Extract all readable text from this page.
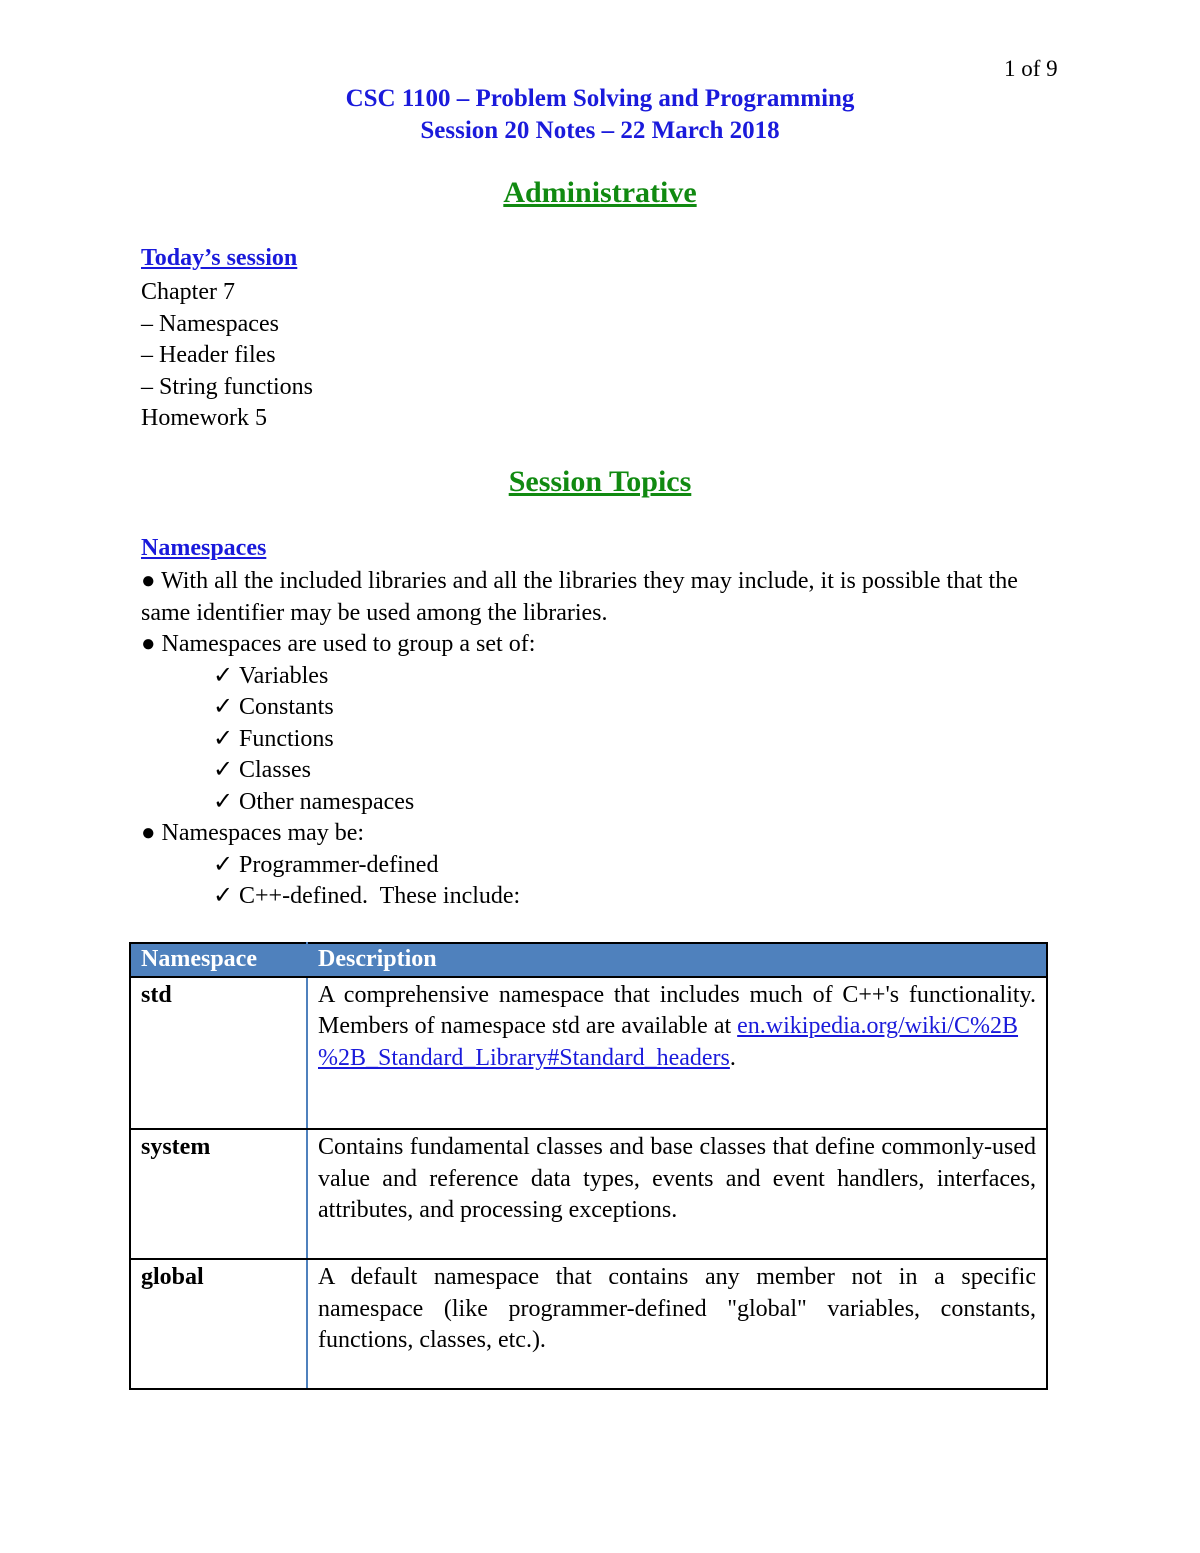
1 of 9
CSC 1100 – Problem Solving and Programming
Session 20 Notes – 22 March 2018
Administrative
Today’s session
Chapter 7
– Namespaces
– Header files
– String functions
Homework 5
Session Topics
Namespaces
● With all the included libraries and all the libraries they may include, it is possible that the same identifier may be used among the libraries.
● Namespaces are used to group a set of:
✓ Variables
✓ Constants
✓ Functions
✓ Classes
✓ Other namespaces
● Namespaces may be:
✓ Programmer-defined
✓ C++-defined.  These include:
Namespace	Description
std	A comprehensive namespace that includes much of C++'s functionality.  Members of namespace std are available at en.wikipedia.org/wiki/C%2B
%2B_Standard_Library#Standard_headers.
system	Contains fundamental classes and base classes that define commonly-used value and reference data types, events and event handlers, interfaces, attributes, and processing exceptions.
global	A default namespace that contains any member not in a specific namespace (like programmer-defined "global" variables, constants, functions, classes, etc.).
